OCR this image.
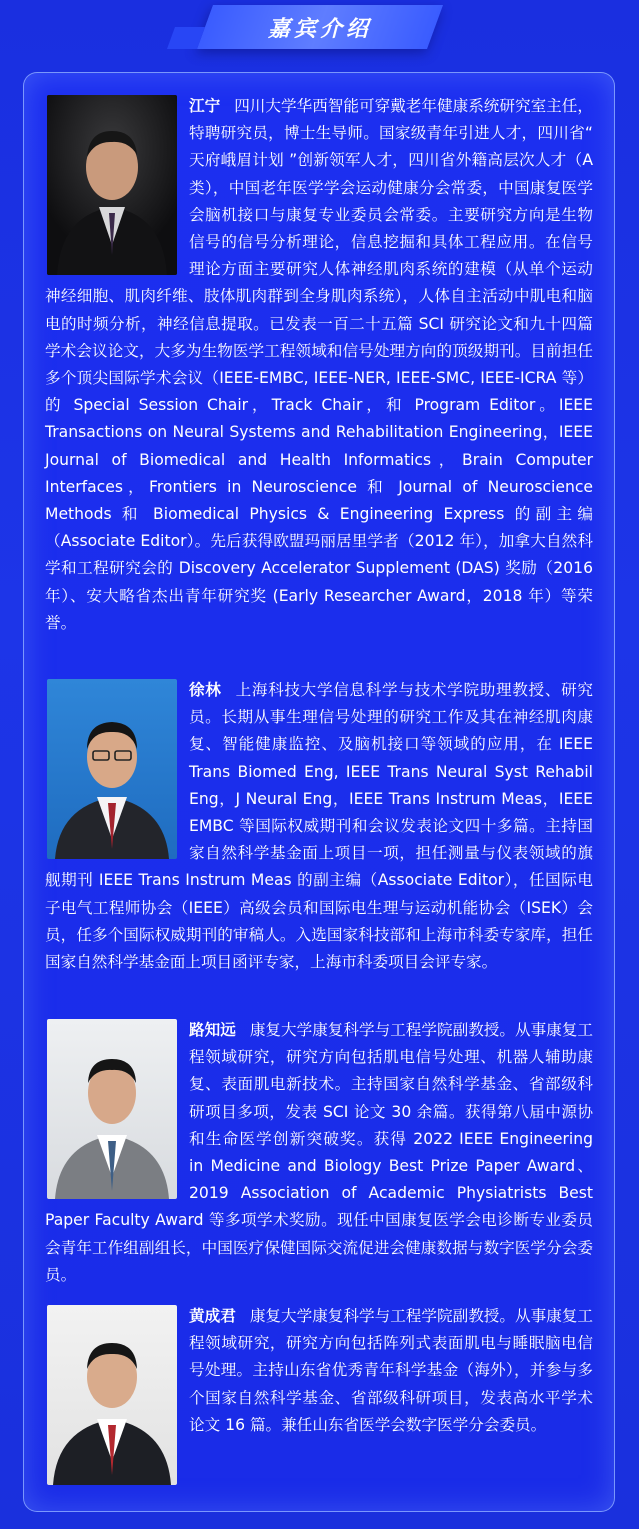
嘉宾介绍
江宁 四川大学华西智能可穿戴老年健康系统研究室主任，特聘研究员，博士生导师。国家级青年引进人才，四川省“ 天府峨眉计划 ”创新领军人才，四川省外籍高层次人才（A 类），中国老年医学学会运动健康分会常委，中国康复医学会脑机接口与康复专业委员会常委。主要研究方向是生物信号的信号分析理论，信息挖掘和具体工程应用。在信号理论方面主要研究人体神经肌肉系统的建模（从单个运动神经细胞、肌肉纤维、肢体肌肉群到全身肌肉系统），人体自主活动中肌电和脑电的时频分析，神经信息提取。已发表一百二十五篇 SCI 研究论文和九十四篇学术会议论文，大多为生物医学工程领域和信号处理方向的顶级期刊。目前担任多个顶尖国际学术会议（IEEE-EMBC, IEEE-NER, IEEE-SMC, IEEE-ICRA 等）的 Special Session Chair，Track Chair，和 Program Editor。IEEE Transactions on Neural Systems and Rehabilitation Engineering，IEEE Journal of Biomedical and Health Informatics，Brain Computer Interfaces，Frontiers in Neuroscience 和 Journal of Neuroscience Methods 和 Biomedical Physics & Engineering Express 的副主编（Associate Editor）。先后获得欧盟玛丽居里学者（2012 年），加拿大自然科学和工程研究会的 Discovery Accelerator Supplement (DAS) 奖励（2016 年）、安大略省杰出青年研究奖 (Early Researcher Award，2018 年）等荣誉。
徐林 上海科技大学信息科学与技术学院助理教授、研究员。长期从事生理信号处理的研究工作及其在神经肌肉康复、智能健康监控、及脑机接口等领域的应用，在 IEEE Trans Biomed Eng, IEEE Trans Neural Syst Rehabil Eng，J Neural Eng，IEEE Trans Instrum Meas，IEEE EMBC 等国际权威期刊和会议发表论文四十多篇。主持国家自然科学基金面上项目一项，担任测量与仪表领域的旗舰期刊 IEEE Trans Instrum Meas 的副主编（Associate Editor），任国际电子电气工程师协会（IEEE）高级会员和国际电生理与运动机能协会（ISEK）会员，任多个国际权威期刊的审稿人。入选国家科技部和上海市科委专家库，担任国家自然科学基金面上项目函评专家，上海市科委项目会评专家。
路知远 康复大学康复科学与工程学院副教授。从事康复工程领域研究，研究方向包括肌电信号处理、机器人辅助康复、表面肌电新技术。主持国家自然科学基金、省部级科研项目多项，发表 SCI 论文 30 余篇。获得第八届中源协和生命医学创新突破奖。获得 2022 IEEE Engineering in Medicine and Biology Best Prize Paper Award、2019 Association of Academic Physiatrists Best Paper Faculty Award 等多项学术奖励。现任中国康复医学会电诊断专业委员会青年工作组副组长，中国医疗保健国际交流促进会健康数据与数字医学分会委员。
黄成君 康复大学康复科学与工程学院副教授。从事康复工程领域研究，研究方向包括阵列式表面肌电与睡眠脑电信号处理。主持山东省优秀青年科学基金（海外），并参与多个国家自然科学基金、省部级科研项目，发表高水平学术论文 16 篇。兼任山东省医学会数字医学分会委员。
